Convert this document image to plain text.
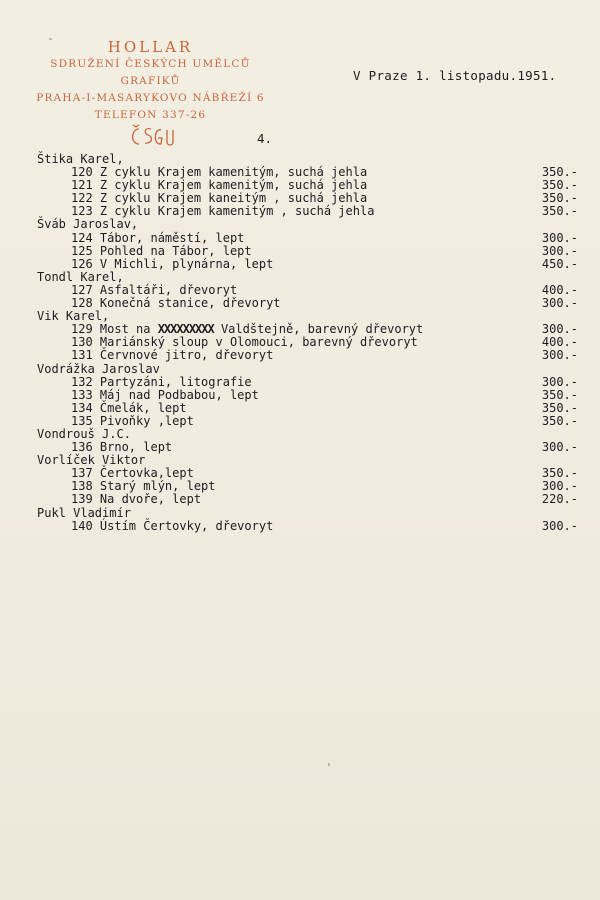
HOLLAR
SDRUŽENÍ ČESKÝCH UMĚLCŮ GRAFIKŮ
PRAHA-I-MASARYKOVO NÁBŘEŽÍ 6
TELEFON 337-26
V Praze 1. listopadu.1951.
4.
Štika Karel,
120 Z cyklu Krajem kamenitým, suchá jehla	350.-
121 Z cyklu Krajem kamenitým, suchá jehla	350.-
122 Z cyklu Krajem kaneitým , suchá jehla	350.-
123 Z cyklu Krajem kamenitým , suchá jehla	350.-
Šváb Jaroslav,
124 Tábor, náměstí, lept	300.-
125 Pohled na Tábor, lept	300.-
126 V Michli, plynárna, lept	450.-
Tondl Karel,
127 Asfaltáři, dřevoryt	400.-
128 Konečná stanice, dřevoryt	300.-
Vik Karel,
129 Most na XXXXXXXXX Valdštejně, barevný dřevoryt	300.-
130 Mariánský sloup v Olomouci, barevný dřevoryt	400.-
131 Červnové jitro, dřevoryt	300.-
Vodrážka Jaroslav
132 Partyzáni, litografie	300.-
133 Máj nad Podbabou, lept	350.-
134 Čmelák, lept	350.-
135 Pivoňky ,lept	350.-
Vondrouš J.C.
136 Brno, lept	300.-
Vorlíček Viktor
137 Čertovka,lept	350.-
138 Starý mlýn, lept	300.-
139 Na dvoře, lept	220.-
Pukl Vladimír
140 Ústím Čertovky, dřevoryt	300.-
